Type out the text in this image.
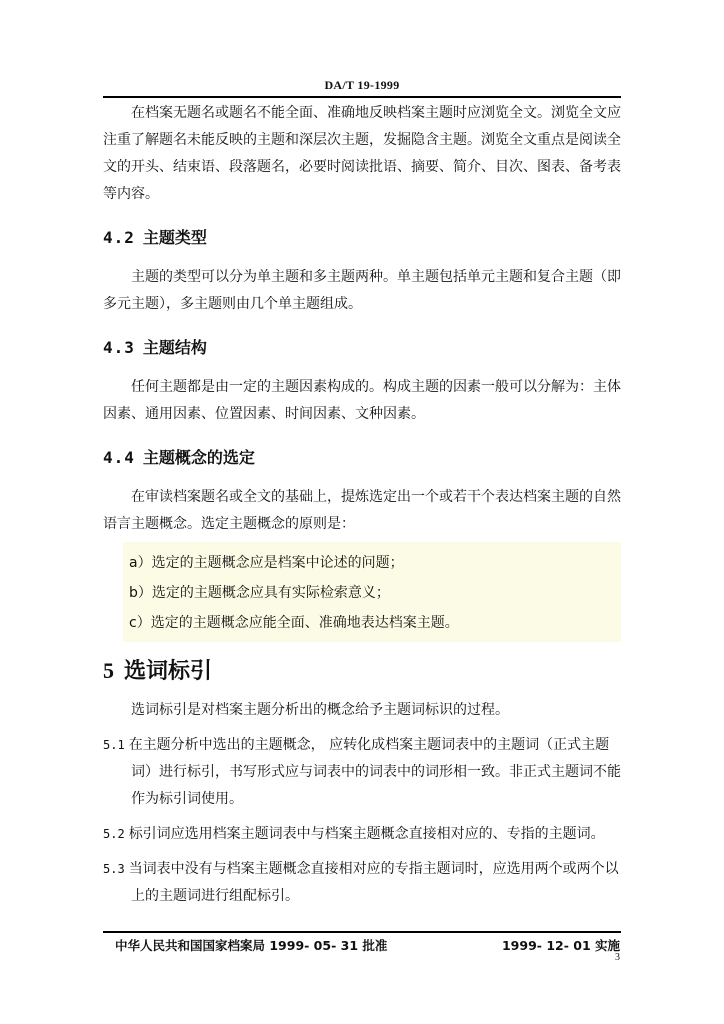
DA/T 19-1999

在档案无题名或题名不能全面、准确地反映档案主题时应浏览全文。浏览全文应注重了解题名未能反映的主题和深层次主题，发掘隐含主题。浏览全文重点是阅读全文的开头、结束语、段落题名，必要时阅读批语、摘要、简介、目次、图表、备考表等内容。

4.2 主题类型

主题的类型可以分为单主题和多主题两种。单主题包括单元主题和复合主题（即多元主题），多主题则由几个单主题组成。

4.3 主题结构

任何主题都是由一定的主题因素构成的。构成主题的因素一般可以分解为：主体因素、通用因素、位置因素、时间因素、文种因素。

4.4 主题概念的选定

在审读档案题名或全文的基础上，提炼选定出一个或若干个表达档案主题的自然语言主题概念。选定主题概念的原则是：

a）选定的主题概念应是档案中论述的问题；

b）选定的主题概念应具有实际检索意义；

c）选定的主题概念应能全面、准确地表达档案主题。

5 选词标引

选词标引是对档案主题分析出的概念给予主题词标识的过程。

5.1 在主题分析中选出的主题概念， 应转化成档案主题词表中的主题词（正式主题词）进行标引，书写形式应与词表中的词表中的词形相一致。非正式主题词不能作为标引词使用。

5.2 标引词应选用档案主题词表中与档案主题概念直接相对应的、专指的主题词。

5.3 当词表中没有与档案主题概念直接相对应的专指主题词时，应选用两个或两个以上的主题词进行组配标引。

中华人民共和国国家档案局 1999- 05- 31 批准	1999- 12- 01 实施
3
